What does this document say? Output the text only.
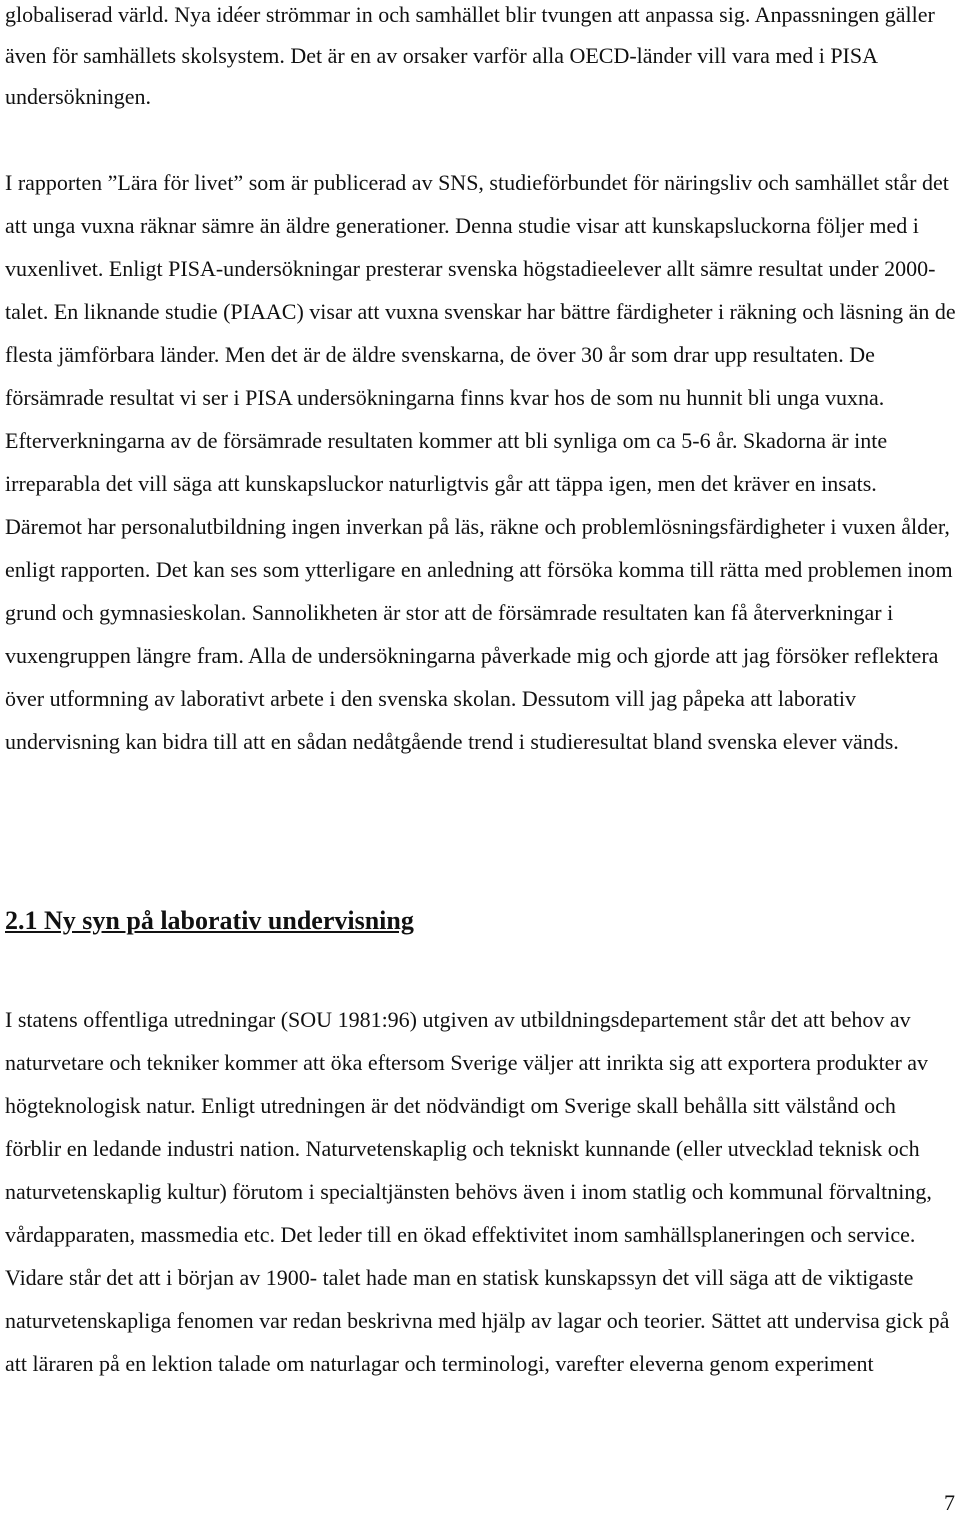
globaliserad värld. Nya idéer strömmar in och samhället blir tvungen att anpassa sig. Anpassningen gäller även för samhällets skolsystem. Det är en av orsaker varför alla OECD-länder vill vara med i PISA undersökningen.

I rapporten ”Lära för livet” som är publicerad av SNS, studieförbundet för näringsliv och samhället står det att unga vuxna räknar sämre än äldre generationer. Denna studie visar att kunskapsluckorna följer med i vuxenlivet. Enligt PISA-undersökningar presterar svenska högstadieelever allt sämre resultat under 2000-talet. En liknande studie (PIAAC) visar att vuxna svenskar har bättre färdigheter i räkning och läsning än de flesta jämförbara länder. Men det är de äldre svenskarna, de över 30 år som drar upp resultaten. De försämrade resultat vi ser i PISA undersökningarna finns kvar hos de som nu hunnit bli unga vuxna. Efterverkningarna av de försämrade resultaten kommer att bli synliga om ca 5-6 år. Skadorna är inte irreparabla det vill säga att kunskapsluckor naturligtvis går att täppa igen, men det kräver en insats. Däremot har personalutbildning ingen inverkan på läs, räkne och problemlösningsfärdigheter i vuxen ålder, enligt rapporten. Det kan ses som ytterligare en anledning att försöka komma till rätta med problemen inom grund och gymnasieskolan. Sannolikheten är stor att de försämrade resultaten kan få återverkningar i vuxengruppen längre fram. Alla de undersökningarna påverkade mig och gjorde att jag försöker reflektera över utformning av laborativt arbete i den svenska skolan. Dessutom vill jag påpeka att laborativ undervisning kan bidra till att en sådan nedåtgående trend i studieresultat bland svenska elever vänds.

2.1 Ny syn på laborativ undervisning

I statens offentliga utredningar (SOU 1981:96) utgiven av utbildningsdepartement står det att behov av naturvetare och tekniker kommer att öka eftersom Sverige väljer att inrikta sig att exportera produkter av högteknologisk natur. Enligt utredningen är det nödvändigt om Sverige skall behålla sitt välstånd och förblir en ledande industri nation. Naturvetenskaplig och tekniskt kunnande (eller utvecklad teknisk och naturvetenskaplig kultur) förutom i specialtjänsten behövs även i inom statlig och kommunal förvaltning, vårdapparaten, massmedia etc. Det leder till en ökad effektivitet inom samhällsplaneringen och service. Vidare står det att i början av 1900- talet hade man en statisk kunskapssyn det vill säga att de viktigaste naturvetenskapliga fenomen var redan beskrivna med hjälp av lagar och teorier. Sättet att undervisa gick på att läraren på en lektion talade om naturlagar och terminologi, varefter eleverna genom experiment

7
